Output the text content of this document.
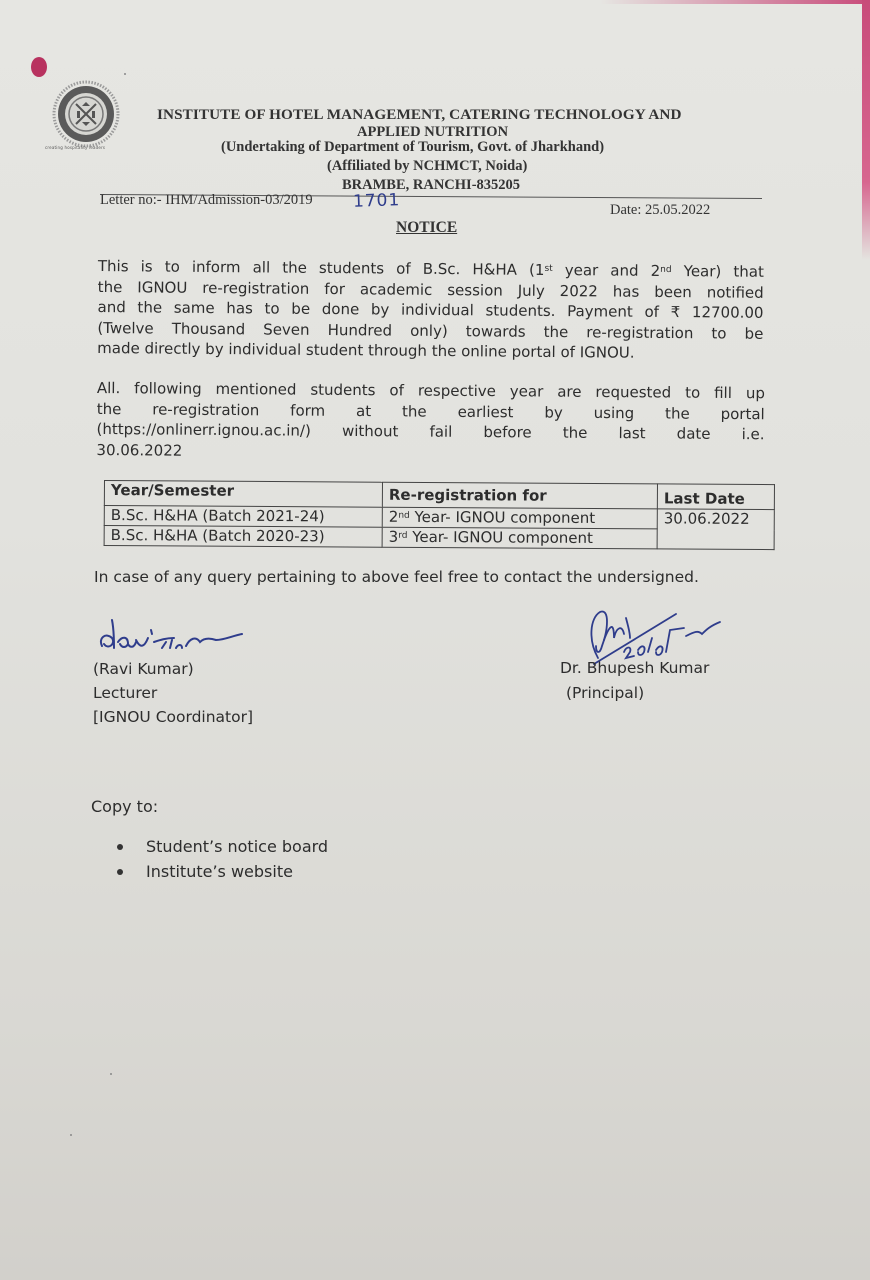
creating hospitality leaders
INSTITUTE OF HOTEL MANAGEMENT, CATERING TECHNOLOGY AND
APPLIED NUTRITION
(Undertaking of Department of Tourism, Govt. of Jharkhand)
(Affiliated by NCHMCT, Noida)
BRAMBE, RANCHI-835205
Letter no:- IHM/Admission-03/2019 1701	Date: 25.05.2022
NOTICE
This is to inform all the students of B.Sc. H&HA (1st year and 2nd Year) that
the IGNOU re-registration for academic session July 2022 has been notified
and the same has to be done by individual students. Payment of ₹ 12700.00
(Twelve Thousand Seven Hundred only) towards the re-registration to be
made directly by individual student through the online portal of IGNOU.
All. following mentioned students of respective year are requested to fill up
the re-registration form at the earliest by using the portal
(https://onlinerr.ignou.ac.in/) without fail before the last date i.e.
30.06.2022
Year/Semester	Re-registration for	Last Date
B.Sc. H&HA (Batch 2021-24)	2nd Year- IGNOU component	30.06.2022
B.Sc. H&HA (Batch 2020-23)	3rd Year- IGNOU component	
In case of any query pertaining to above feel free to contact the undersigned.
(Ravi Kumar)
Lecturer
[IGNOU Coordinator]
Dr. Bhupesh Kumar
(Principal)
Copy to:
Student’s notice board
Institute’s website
